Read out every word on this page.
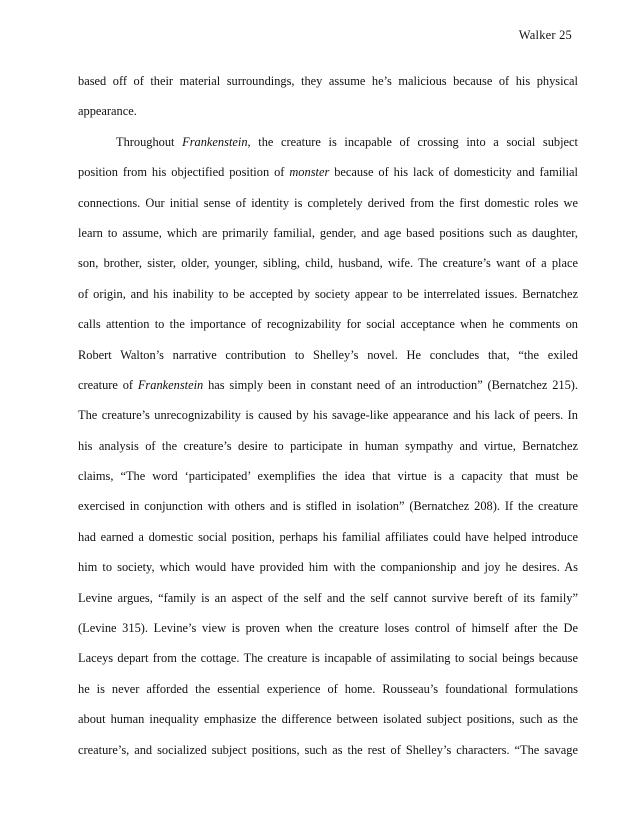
Walker 25
based off of their material surroundings, they assume he’s malicious because of his physical
appearance.
Throughout Frankenstein, the creature is incapable of crossing into a social subject
position from his objectified position of monster because of his lack of domesticity and familial
connections. Our initial sense of identity is completely derived from the first domestic roles we
learn to assume, which are primarily familial, gender, and age based positions such as daughter,
son, brother, sister, older, younger, sibling, child, husband, wife. The creature’s want of a place
of origin, and his inability to be accepted by society appear to be interrelated issues. Bernatchez
calls attention to the importance of recognizability for social acceptance when he comments on
Robert Walton’s narrative contribution to Shelley’s novel. He concludes that, “the exiled
creature of Frankenstein has simply been in constant need of an introduction” (Bernatchez 215).
The creature’s unrecognizability is caused by his savage-like appearance and his lack of peers. In
his analysis of the creature’s desire to participate in human sympathy and virtue, Bernatchez
claims, “The word ‘participated’ exemplifies the idea that virtue is a capacity that must be
exercised in conjunction with others and is stifled in isolation” (Bernatchez 208). If the creature
had earned a domestic social position, perhaps his familial affiliates could have helped introduce
him to society, which would have provided him with the companionship and joy he desires. As
Levine argues, “family is an aspect of the self and the self cannot survive bereft of its family”
(Levine 315). Levine’s view is proven when the creature loses control of himself after the De
Laceys depart from the cottage. The creature is incapable of assimilating to social beings because
he is never afforded the essential experience of home. Rousseau’s foundational formulations
about human inequality emphasize the difference between isolated subject positions, such as the
creature’s, and socialized subject positions, such as the rest of Shelley’s characters. “The savage
